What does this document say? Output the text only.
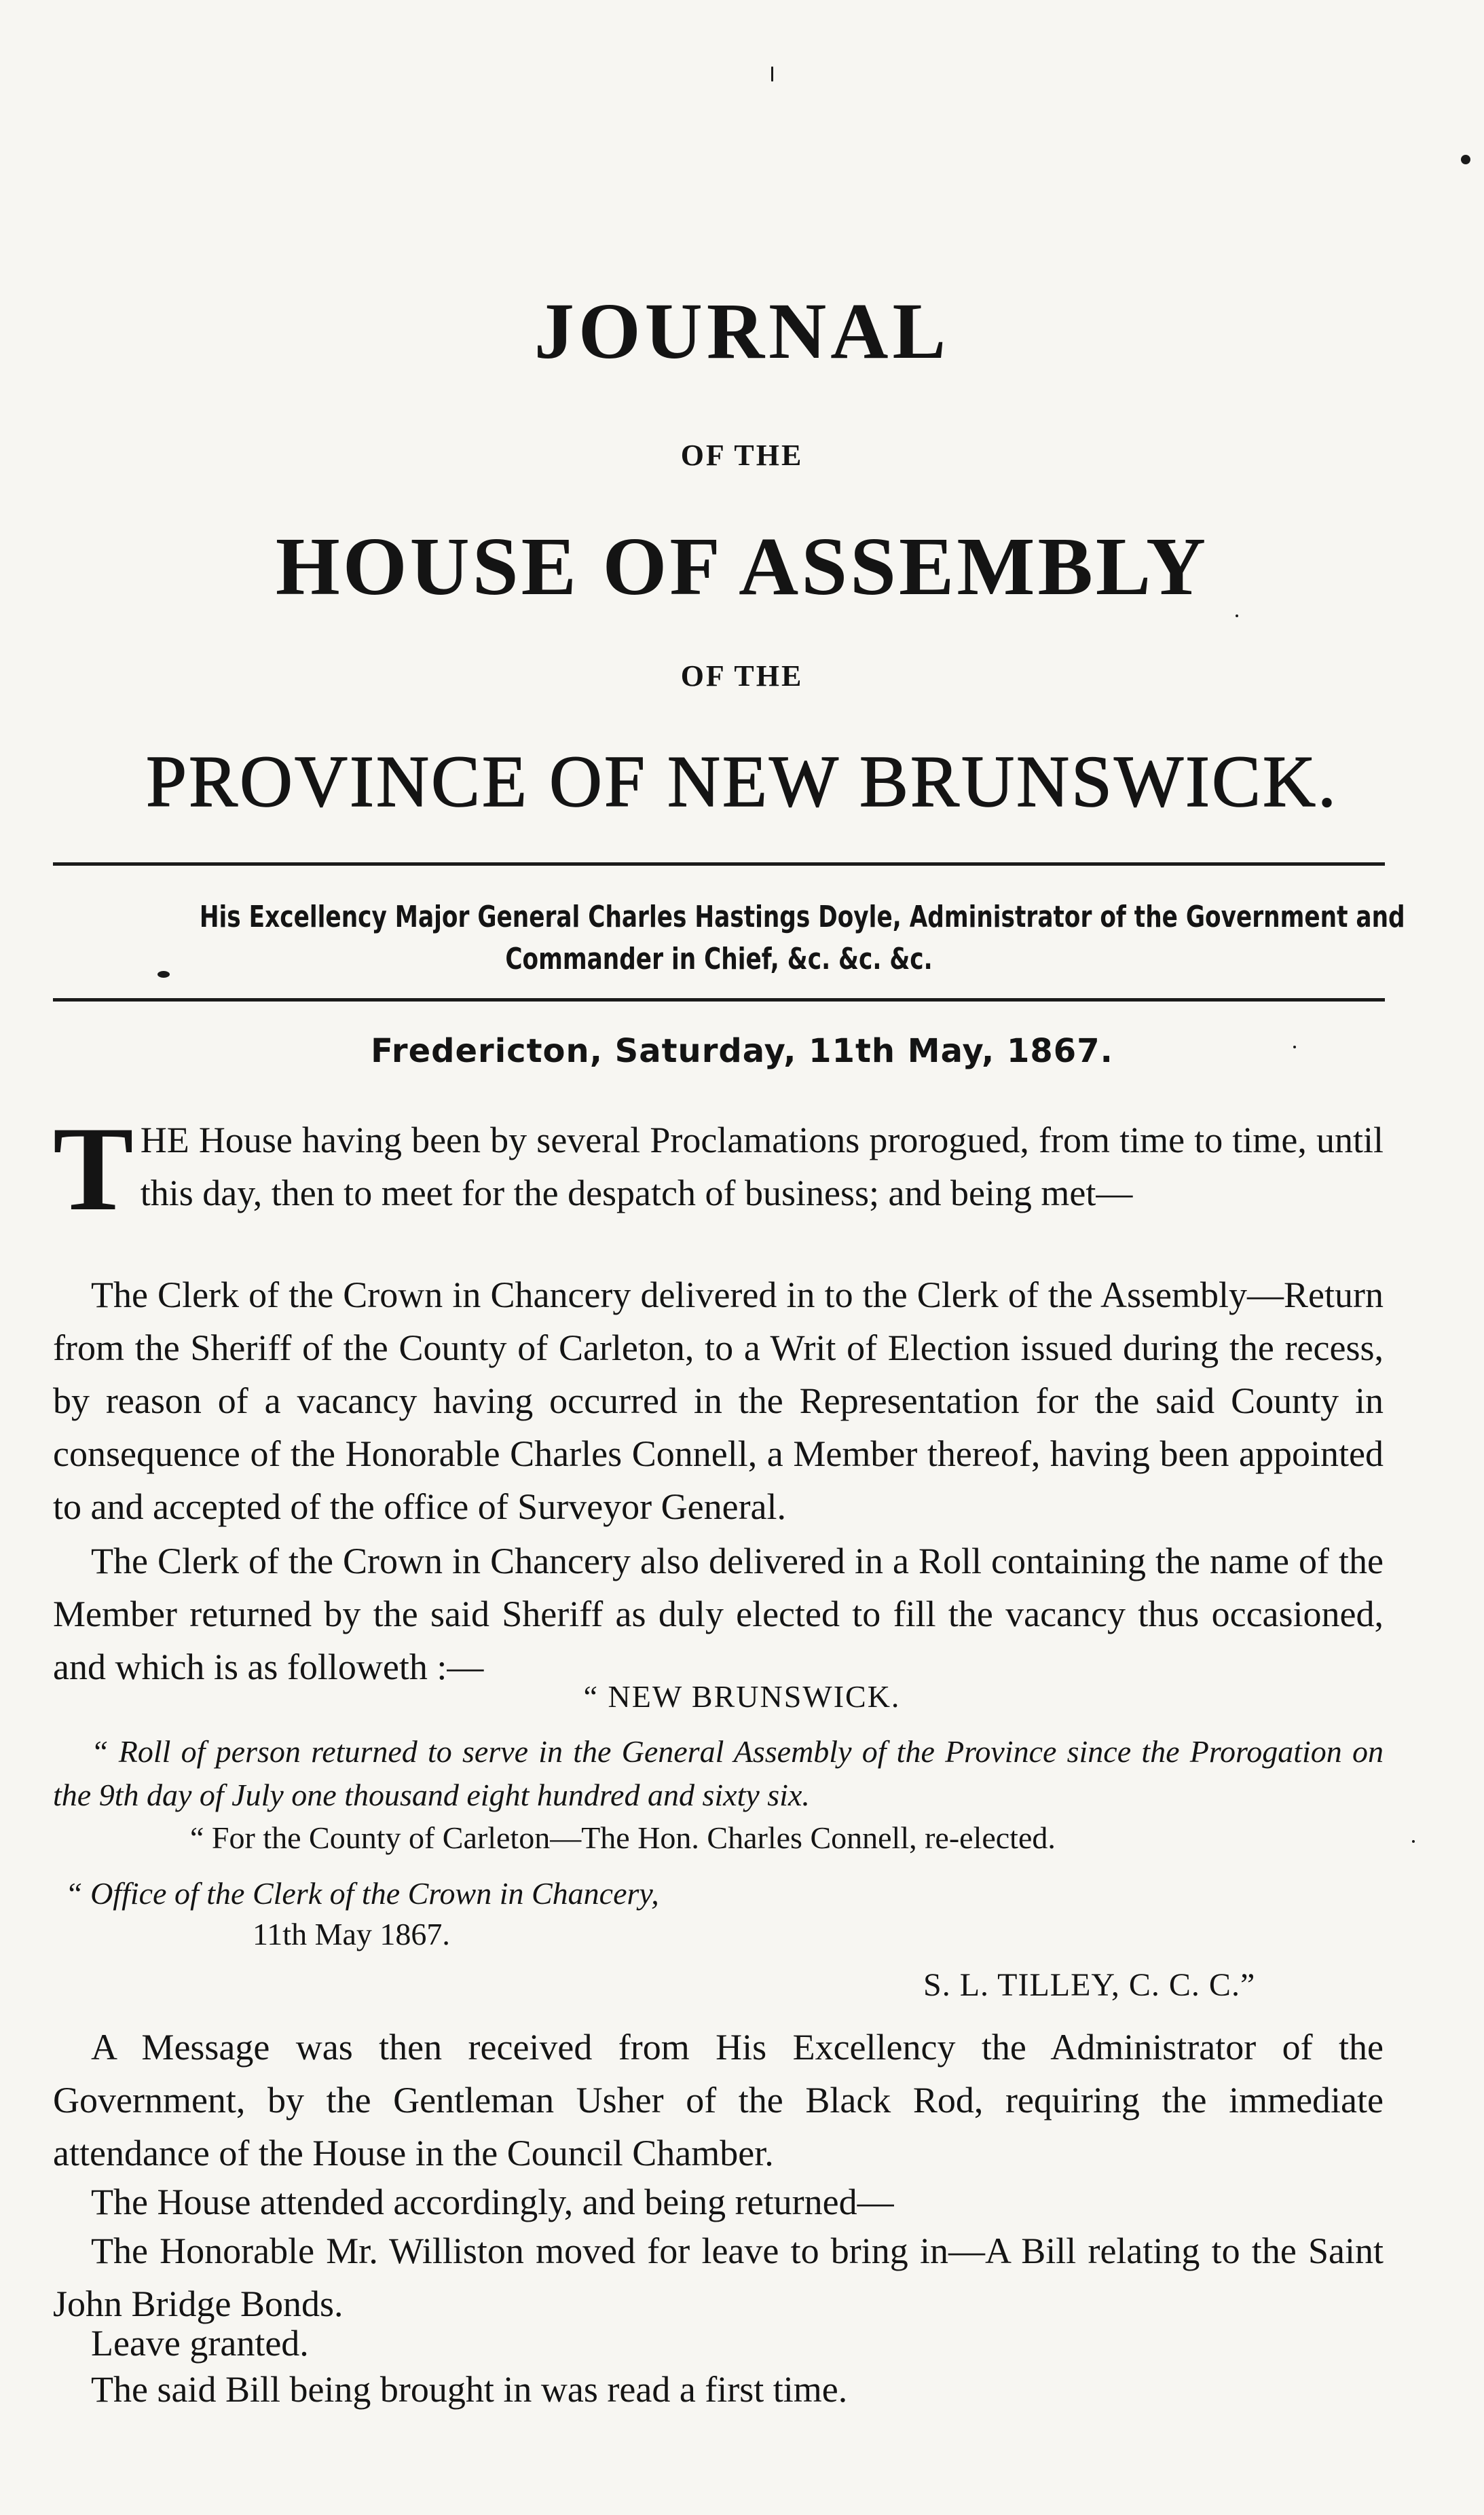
JOURNAL
OF THE
HOUSE OF ASSEMBLY
OF THE
PROVINCE OF NEW BRUNSWICK.
His Excellency Major General Charles Hastings Doyle, Administrator of the Government and
Commander in Chief, &c. &c. &c.
Fredericton, Saturday, 11th May, 1867.
THE House having been by several Proclamations prorogued, from time to time, until this day, then to meet for the despatch of business; and being met—
The Clerk of the Crown in Chancery delivered in to the Clerk of the Assembly—Return from the Sheriff of the County of Carleton, to a Writ of Election issued during the recess, by reason of a vacancy having occurred in the Representation for the said County in consequence of the Honorable Charles Connell, a Member thereof, having been appointed to and accepted of the office of Surveyor General.
The Clerk of the Crown in Chancery also delivered in a Roll containing the name of the Member returned by the said Sheriff as duly elected to fill the vacancy thus occasioned, and which is as followeth :—
“ NEW BRUNSWICK.
“ Roll of person returned to serve in the General Assembly of the Province since the Prorogation on the 9th day of July one thousand eight hundred and sixty six.
“ For the County of Carleton—The Hon. Charles Connell, re-elected.
“ Office of the Clerk of the Crown in Chancery,
11th May 1867.
S. L. TILLEY, C. C. C.”
A Message was then received from His Excellency the Administrator of the Government, by the Gentleman Usher of the Black Rod, requiring the immediate attendance of the House in the Council Chamber.
The House attended accordingly, and being returned—
The Honorable Mr. Williston moved for leave to bring in—A Bill relating to the Saint John Bridge Bonds.
Leave granted.
The said Bill being brought in was read a first time.
